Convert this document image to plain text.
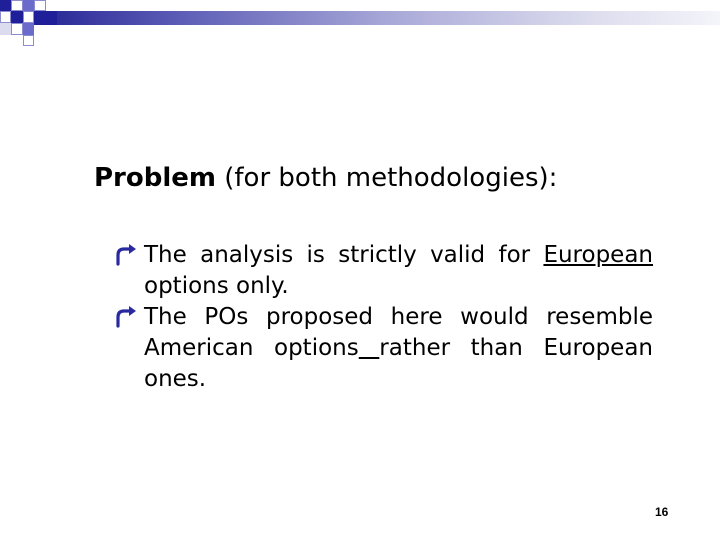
Problem (for both methodologies):
The analysis is strictly valid for European options only.
The POs proposed here would resemble American options rather than European ones.
16
